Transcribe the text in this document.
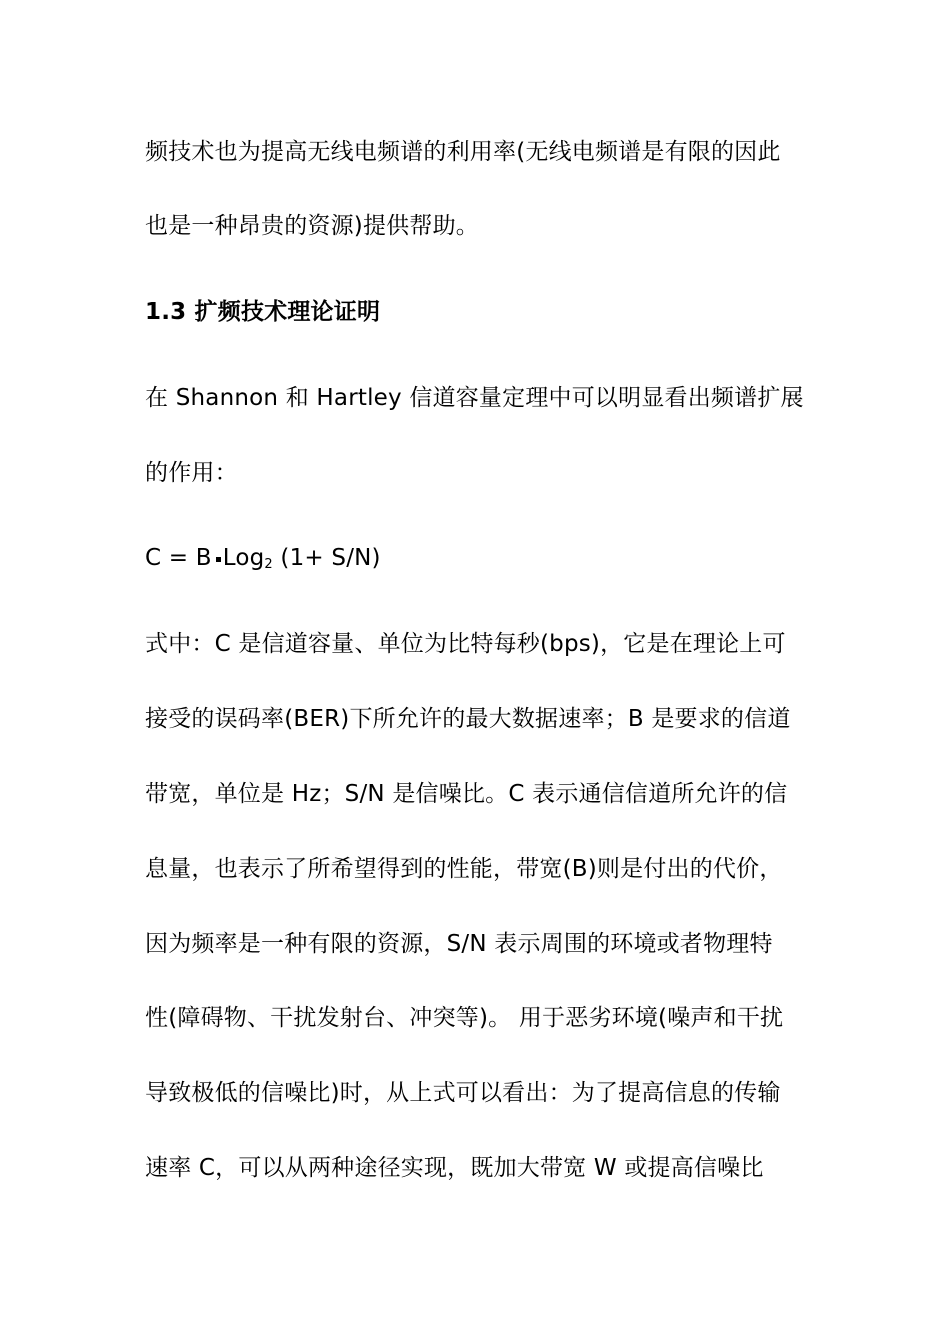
频技术也为提高无线电频谱的利用率(无线电频谱是有限的因此
也是一种昂贵的资源)提供帮助。
1.3 扩频技术理论证明
在 Shannon 和 Hartley 信道容量定理中可以明显看出频谱扩展
的作用：
C = B Log$_2$ (1+ S/N)
式中：C 是信道容量、单位为比特每秒(bps)，它是在理论上可
接受的误码率(BER)下所允许的最大数据速率；B 是要求的信道
带宽，单位是 Hz；S/N 是信噪比。C 表示通信信道所允许的信
息量，也表示了所希望得到的性能，带宽(B)则是付出的代价，
因为频率是一种有限的资源，S/N 表示周围的环境或者物理特
性(障碍物、干扰发射台、冲突等)。 用于恶劣环境(噪声和干扰
导致极低的信噪比)时，从上式可以看出：为了提高信息的传输
速率 C，可以从两种途径实现，既加大带宽 W 或提高信噪比
